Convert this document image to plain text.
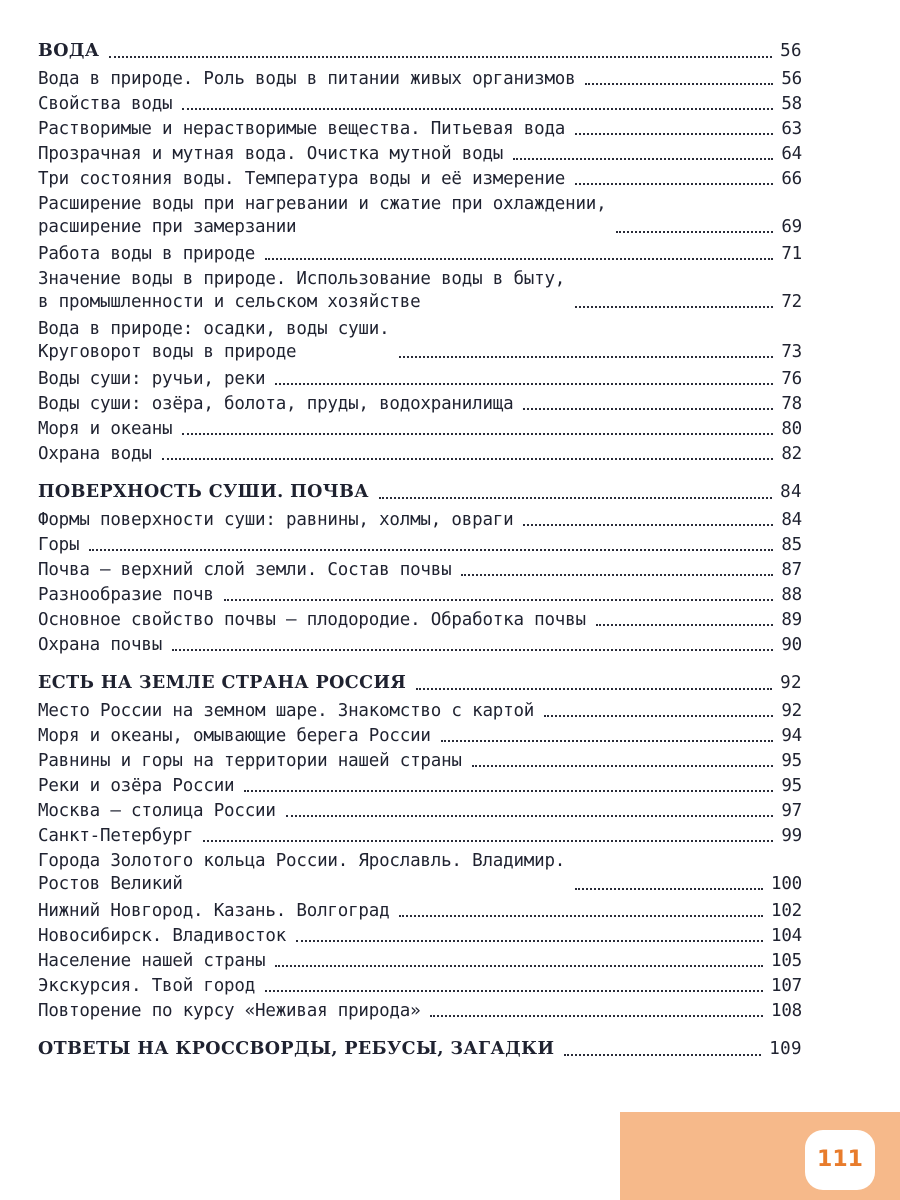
ВОДА	56
Вода в природе. Роль воды в питании живых организмов	56
Свойства воды	58
Растворимые и нерастворимые вещества. Питьевая вода	63
Прозрачная и мутная вода. Очистка мутной воды	64
Три состояния воды. Температура воды и её измерение	66
Расширение воды при нагревании и сжатие при охлаждении,
расширение при замерзании	69
Работа воды в природе	71
Значение воды в природе. Использование воды в быту,
в промышленности и сельском хозяйстве	72
Вода в природе: осадки, воды суши.
Круговорот воды в природе	73
Воды суши: ручьи, реки	76
Воды суши: озёра, болота, пруды, водохранилища	78
Моря и океаны	80
Охрана воды	82
ПОВЕРХНОСТЬ СУШИ. ПОЧВА	84
Формы поверхности суши: равнины, холмы, овраги	84
Горы	85
Почва — верхний слой земли. Состав почвы	87
Разнообразие почв	88
Основное свойство почвы — плодородие. Обработка почвы	89
Охрана почвы	90
ЕСТЬ НА ЗЕМЛЕ СТРАНА РОССИЯ	92
Место России на земном шаре. Знакомство с картой	92
Моря и океаны, омывающие берега России	94
Равнины и горы на территории нашей страны	95
Реки и озёра России	95
Москва — столица России	97
Санкт-Петербург	99
Города Золотого кольца России. Ярославль. Владимир.
Ростов Великий	100
Нижний Новгород. Казань. Волгоград	102
Новосибирск. Владивосток	104
Население нашей страны	105
Экскурсия. Твой город	107
Повторение по курсу «Неживая природа»	108
ОТВЕТЫ НА КРОССВОРДЫ, РЕБУСЫ, ЗАГАДКИ	109
111
